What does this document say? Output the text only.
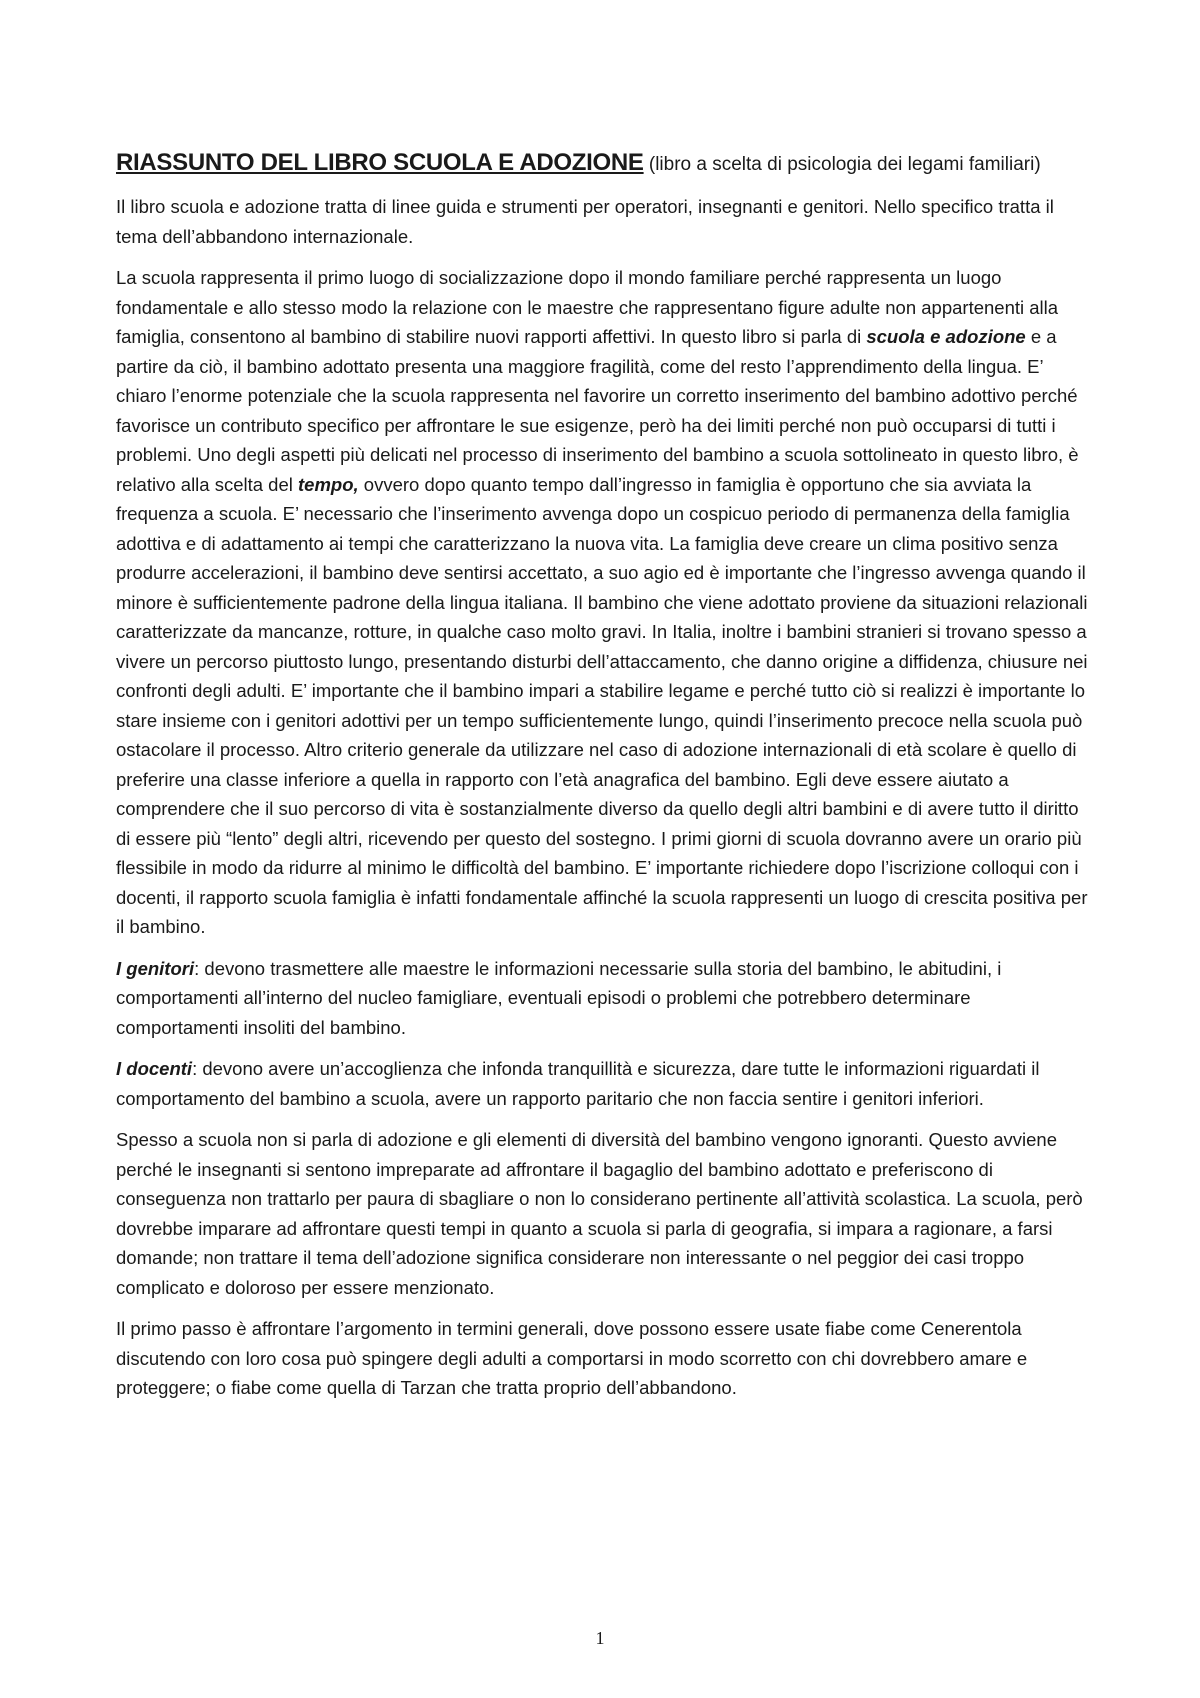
RIASSUNTO DEL LIBRO SCUOLA E ADOZIONE (libro a scelta di psicologia dei legami familiari)

Il libro scuola e adozione tratta di linee guida e strumenti per operatori, insegnanti e genitori. Nello specifico tratta il tema dell’abbandono internazionale.

La scuola rappresenta il primo luogo di socializzazione dopo il mondo familiare perché rappresenta un luogo fondamentale e allo stesso modo la relazione con le maestre che rappresentano figure adulte non appartenenti alla famiglia, consentono al bambino di stabilire nuovi rapporti affettivi. In questo libro si parla di scuola e adozione e a partire da ciò, il bambino adottato presenta una maggiore fragilità, come del resto l’apprendimento della lingua. E’ chiaro l’enorme potenziale che la scuola rappresenta nel favorire un corretto inserimento del bambino adottivo perché favorisce un contributo specifico per affrontare le sue esigenze, però ha dei limiti perché non può occuparsi di tutti i problemi. Uno degli aspetti più delicati nel processo di inserimento del bambino a scuola sottolineato in questo libro, è relativo alla scelta del tempo, ovvero dopo quanto tempo dall’ingresso in famiglia è opportuno che sia avviata la frequenza a scuola. E’ necessario che l’inserimento avvenga dopo un cospicuo periodo di permanenza della famiglia adottiva e di adattamento ai tempi che caratterizzano la nuova vita. La famiglia deve creare un clima positivo senza produrre accelerazioni, il bambino deve sentirsi accettato, a suo agio ed è importante che l’ingresso avvenga quando il minore è sufficientemente padrone della lingua italiana. Il bambino che viene adottato proviene da situazioni relazionali caratterizzate da mancanze, rotture, in qualche caso molto gravi. In Italia, inoltre i bambini stranieri si trovano spesso a vivere un percorso piuttosto lungo, presentando disturbi dell’attaccamento, che danno origine a diffidenza, chiusure nei confronti degli adulti. E’ importante che il bambino impari a stabilire legame e perché tutto ciò si realizzi è importante lo stare insieme con i genitori adottivi per un tempo sufficientemente lungo, quindi l’inserimento precoce nella scuola può ostacolare il processo. Altro criterio generale da utilizzare nel caso di adozione internazionali di età scolare è quello di preferire una classe inferiore a quella in rapporto con l’età anagrafica del bambino. Egli deve essere aiutato a comprendere che il suo percorso di vita è sostanzialmente diverso da quello degli altri bambini e di avere tutto il diritto di essere più “lento” degli altri, ricevendo per questo del sostegno. I primi giorni di scuola dovranno avere un orario più flessibile in modo da ridurre al minimo le difficoltà del bambino. E’ importante richiedere dopo l’iscrizione colloqui con i docenti, il rapporto scuola famiglia è infatti fondamentale affinché la scuola rappresenti un luogo di crescita positiva per il bambino.

I genitori: devono trasmettere alle maestre le informazioni necessarie sulla storia del bambino, le abitudini, i comportamenti all’interno del nucleo famigliare, eventuali episodi o problemi che potrebbero determinare comportamenti insoliti del bambino.

I docenti: devono avere un’accoglienza che infonda tranquillità e sicurezza, dare tutte le informazioni riguardati il comportamento del bambino a scuola, avere un rapporto paritario che non faccia sentire i genitori inferiori.

Spesso a scuola non si parla di adozione e gli elementi di diversità del bambino vengono ignoranti. Questo avviene perché le insegnanti si sentono impreparate ad affrontare il bagaglio del bambino adottato e preferiscono di conseguenza non trattarlo per paura di sbagliare o non lo considerano pertinente all’attività scolastica. La scuola, però dovrebbe imparare ad affrontare questi tempi in quanto a scuola si parla di geografia, si impara a ragionare, a farsi domande; non trattare il tema dell’adozione significa considerare non interessante o nel peggior dei casi troppo complicato e doloroso per essere menzionato.

Il primo passo è affrontare l’argomento in termini generali, dove possono essere usate fiabe come Cenerentola discutendo con loro cosa può spingere degli adulti a comportarsi in modo scorretto con chi dovrebbero amare e proteggere; o fiabe come quella di Tarzan che tratta proprio dell’abbandono.

1
